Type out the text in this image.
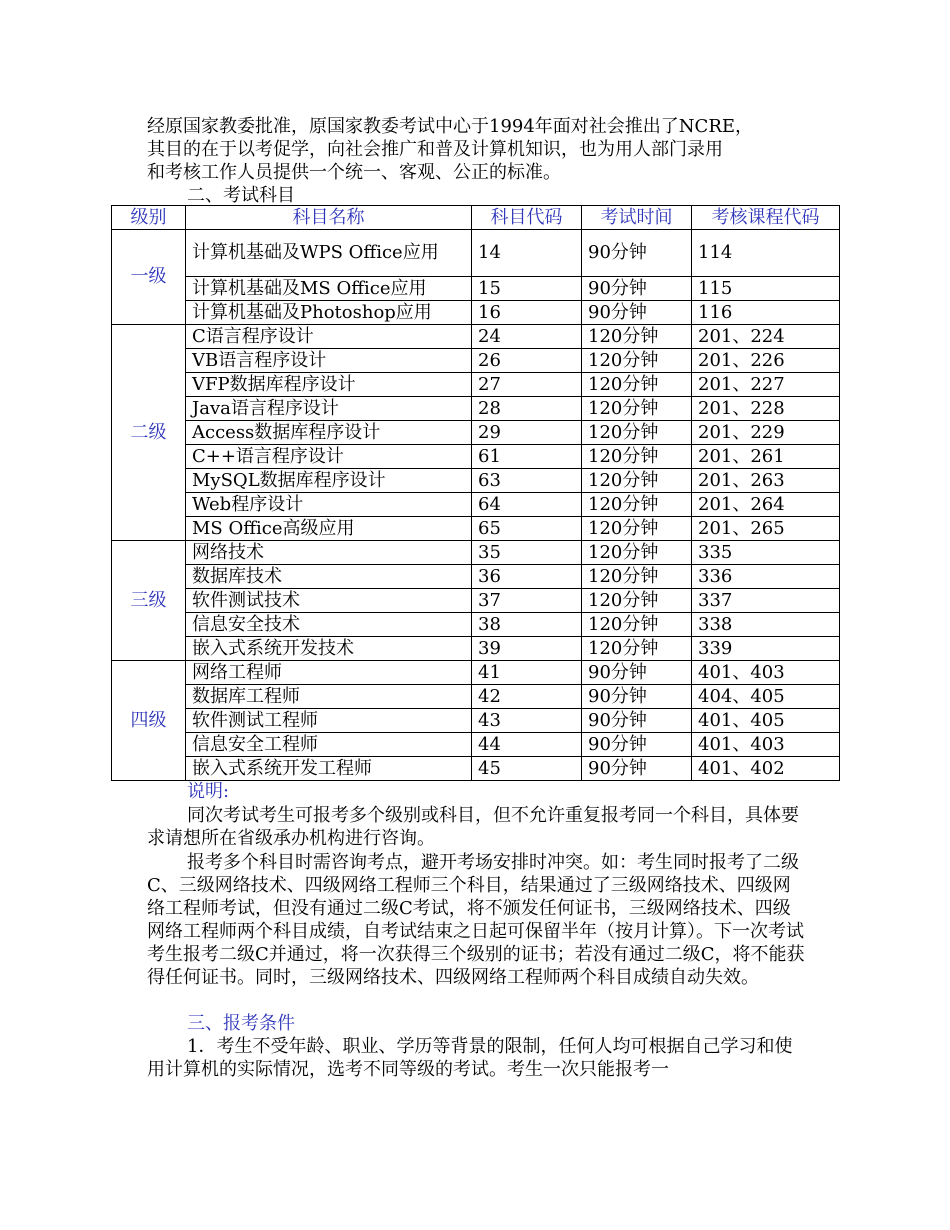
经原国家教委批准，原国家教委考试中心于1994年面对社会推出了NCRE，
其目的在于以考促学，向社会推广和普及计算机知识，也为用人部门录用
和考核工作人员提供一个统一、客观、公正的标准。

二、考试科目

级别	科目名称	科目代码	考试时间	考核课程代码
一级	计算机基础及WPS Office应用	14	90分钟	114
	计算机基础及MS Office应用	15	90分钟	115
	计算机基础及Photoshop应用	16	90分钟	116
二级	C语言程序设计	24	120分钟	201、224
	VB语言程序设计	26	120分钟	201、226
	VFP数据库程序设计	27	120分钟	201、227
	Java语言程序设计	28	120分钟	201、228
	Access数据库程序设计	29	120分钟	201、229
	C++语言程序设计	61	120分钟	201、261
	MySQL数据库程序设计	63	120分钟	201、263
	Web程序设计	64	120分钟	201、264
	MS Office高级应用	65	120分钟	201、265
三级	网络技术	35	120分钟	335
	数据库技术	36	120分钟	336
	软件测试技术	37	120分钟	337
	信息安全技术	38	120分钟	338
	嵌入式系统开发技术	39	120分钟	339
四级	网络工程师	41	90分钟	401、403
	数据库工程师	42	90分钟	404、405
	软件测试工程师	43	90分钟	401、405
	信息安全工程师	44	90分钟	401、403
	嵌入式系统开发工程师	45	90分钟	401、402

说明:

同次考试考生可报考多个级别或科目，但不允许重复报考同一个科目，具体要求请想所在省级承办机构进行咨询。

报考多个科目时需咨询考点，避开考场安排时冲突。如：考生同时报考了二级C、三级网络技术、四级网络工程师三个科目，结果通过了三级网络技术、四级网络工程师考试，但没有通过二级C考试，将不颁发任何证书，三级网络技术、四级网络工程师两个科目成绩，自考试结束之日起可保留半年（按月计算）。下一次考试考生报考二级C并通过，将一次获得三个级别的证书；若没有通过二级C，将不能获得任何证书。同时，三级网络技术、四级网络工程师两个科目成绩自动失效。

三、报考条件

1．考生不受年龄、职业、学历等背景的限制，任何人均可根据自己学习和使用计算机的实际情况，选考不同等级的考试。考生一次只能报考一
